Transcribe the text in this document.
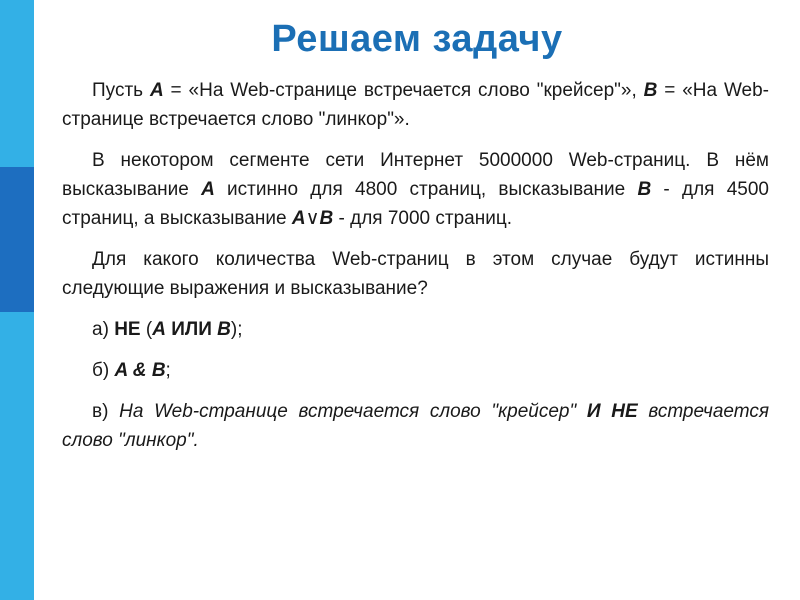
Решаем задачу

Пусть A = «На Web-странице встречается слово "крейсер"», B = «На Web-странице встречается слово "линкор"».

В некотором сегменте сети Интернет 5000000 Web-страниц. В нём высказывание A истинно для 4800 страниц, высказывание B - для 4500 страниц, а высказывание A∨B - для 7000 страниц.

Для какого количества Web-страниц в этом случае будут истинны следующие выражения и высказывание?

а) НЕ (A ИЛИ B);

б) A & B;

в) На Web-странице встречается слово "крейсер" И НЕ встречается слово "линкор".
